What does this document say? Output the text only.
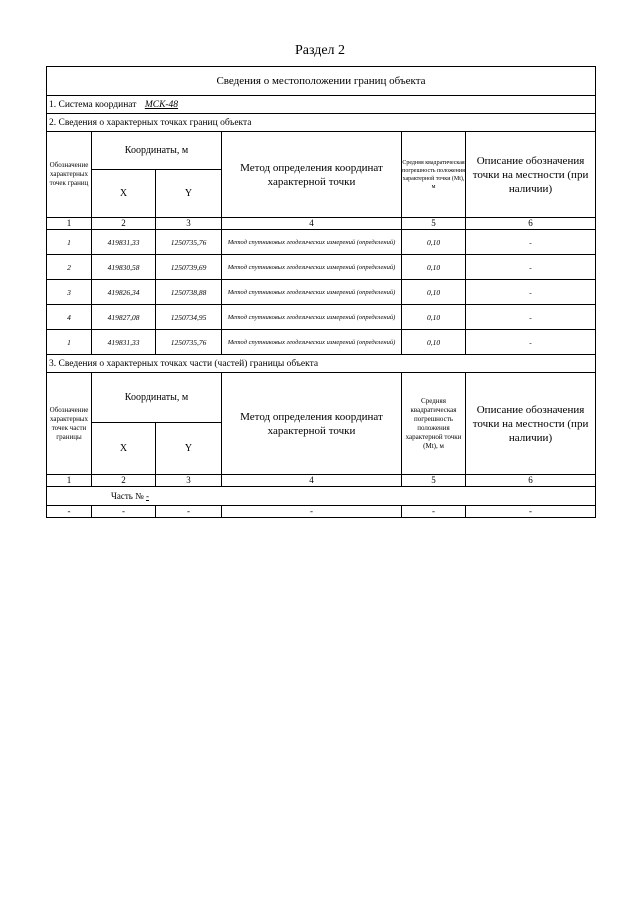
Раздел 2
Сведения о местоположении границ объекта					
1. Система координат МСК-48					
2. Сведения о характерных точках границ объекта					
Обозначение характерных точек границ	Координаты, м		Метод определения координат характерной точки	Средняя квадратическая погрешность положения характерной точки (Mt), м	Описание обозначения точки на местности (при наличии)
	X	Y			
1	2	3	4	5	6
1	419831,33	1250735,76	Метод спутниковых геодезических измерений (определений)	0,10	-
2	419830,58	1250739,69	Метод спутниковых геодезических измерений (определений)	0,10	-
3	419826,34	1250738,88	Метод спутниковых геодезических измерений (определений)	0,10	-
4	419827,08	1250734,95	Метод спутниковых геодезических измерений (определений)	0,10	-
1	419831,33	1250735,76	Метод спутниковых геодезических измерений (определений)	0,10	-
3. Сведения о характерных точках части (частей) границы объекта					
Обозначение характерных точек части границы	Координаты, м		Метод определения координат характерной точки	Средняя квадратическая погрешность положения характерной точки (Mt), м	Описание обозначения точки на местности (при наличии)
	X	Y			
1	2	3	4	5	6
Часть № -					
-	-	-	-	-	-
